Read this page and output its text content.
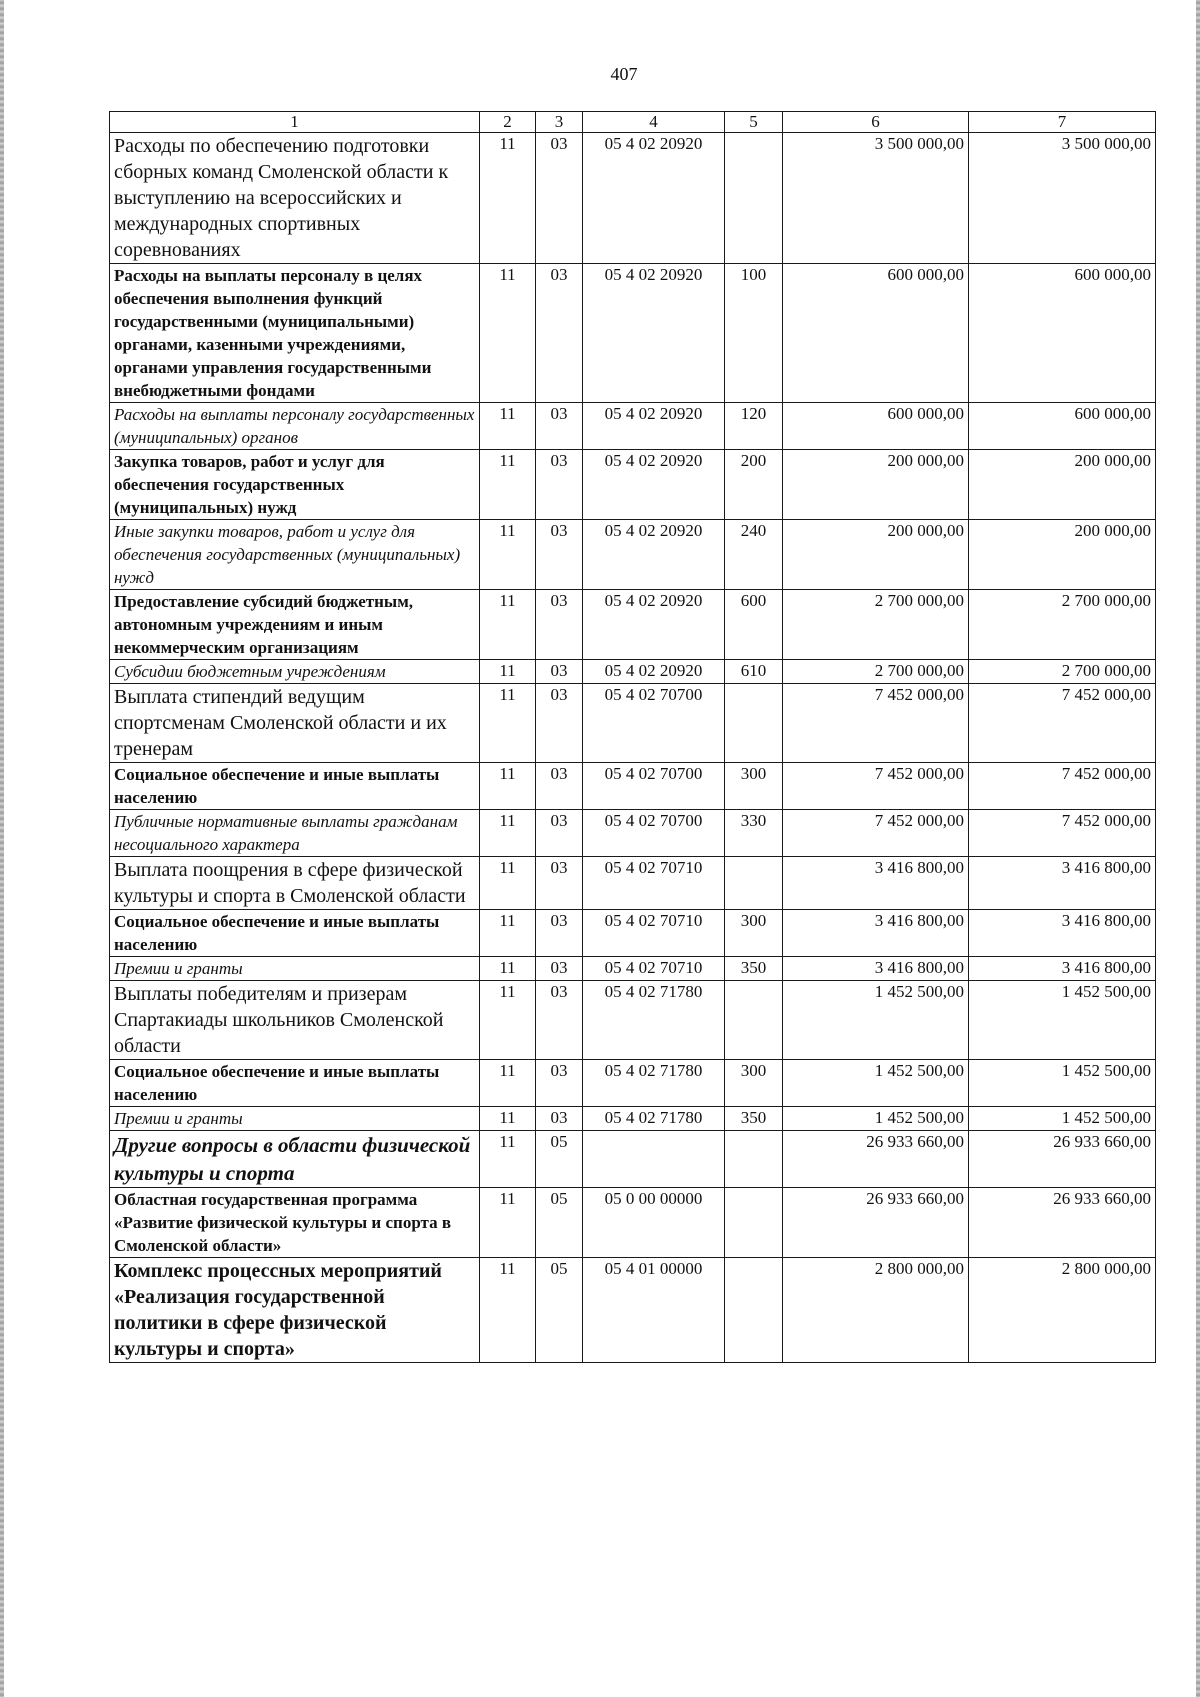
407
1	2	3	4	5	6	7
Расходы по обеспечению подготовки сборных команд Смоленской области к выступлению на всероссийских и международных спортивных соревнованиях	11	03	05 4 02 20920		3 500 000,00	3 500 000,00
Расходы на выплаты персоналу в целях обеспечения выполнения функций государственными (муниципальными) органами, казенными учреждениями, органами управления государственными внебюджетными фондами	11	03	05 4 02 20920	100	600 000,00	600 000,00
Расходы на выплаты персоналу государственных (муниципальных) органов	11	03	05 4 02 20920	120	600 000,00	600 000,00
Закупка товаров, работ и услуг для обеспечения государственных (муниципальных) нужд	11	03	05 4 02 20920	200	200 000,00	200 000,00
Иные закупки товаров, работ и услуг для обеспечения государственных (муниципальных) нужд	11	03	05 4 02 20920	240	200 000,00	200 000,00
Предоставление субсидий бюджетным, автономным учреждениям и иным некоммерческим организациям	11	03	05 4 02 20920	600	2 700 000,00	2 700 000,00
Субсидии бюджетным учреждениям	11	03	05 4 02 20920	610	2 700 000,00	2 700 000,00
Выплата стипендий ведущим спортсменам Смоленской области и их тренерам	11	03	05 4 02 70700		7 452 000,00	7 452 000,00
Социальное обеспечение и иные выплаты населению	11	03	05 4 02 70700	300	7 452 000,00	7 452 000,00
Публичные нормативные выплаты гражданам несоциального характера	11	03	05 4 02 70700	330	7 452 000,00	7 452 000,00
Выплата поощрения в сфере физической культуры и спорта в Смоленской области	11	03	05 4 02 70710		3 416 800,00	3 416 800,00
Социальное обеспечение и иные выплаты населению	11	03	05 4 02 70710	300	3 416 800,00	3 416 800,00
Премии и гранты	11	03	05 4 02 70710	350	3 416 800,00	3 416 800,00
Выплаты победителям и призерам Спартакиады школьников Смоленской области	11	03	05 4 02 71780		1 452 500,00	1 452 500,00
Социальное обеспечение и иные выплаты населению	11	03	05 4 02 71780	300	1 452 500,00	1 452 500,00
Премии и гранты	11	03	05 4 02 71780	350	1 452 500,00	1 452 500,00
Другие вопросы в области физической культуры и спорта	11	05			26 933 660,00	26 933 660,00
Областная государственная программа «Развитие физической культуры и спорта в Смоленской области»	11	05	05 0 00 00000		26 933 660,00	26 933 660,00
Комплекс процессных мероприятий «Реализация государственной политики в сфере физической культуры и спорта»	11	05	05 4 01 00000		2 800 000,00	2 800 000,00
